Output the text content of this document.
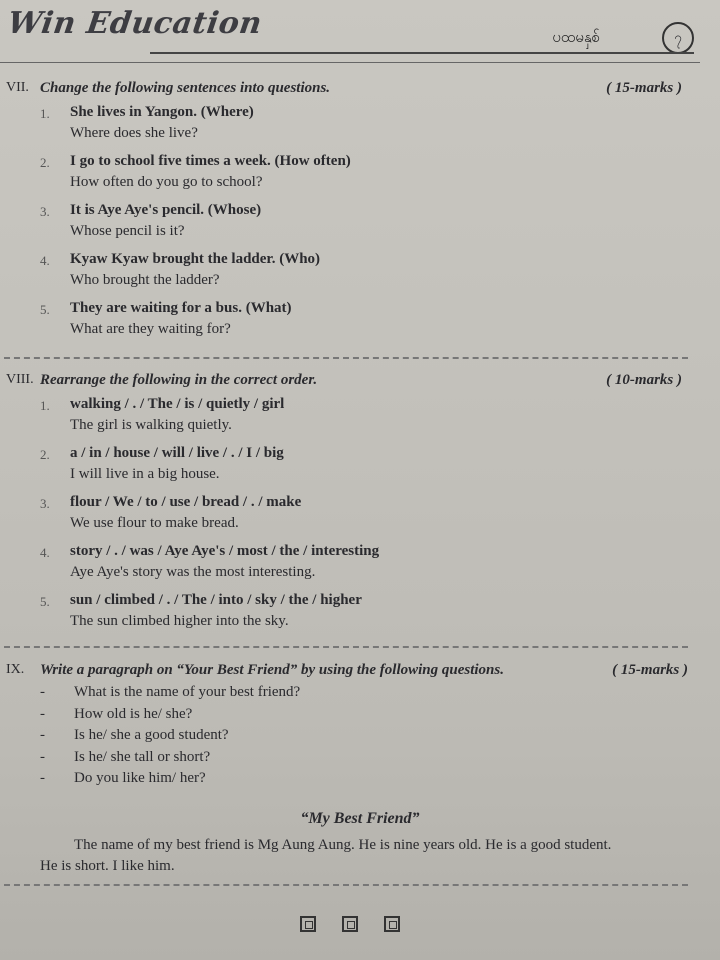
Win Education	ပထမနှစ်	၇
VII. Change the following sentences into questions.	( 15-marks )
1. She lives in Yangon. (Where)
Where does she live?
2. I go to school five times a week. (How often)
How often do you go to school?
3. It is Aye Aye's pencil. (Whose)
Whose pencil is it?
4. Kyaw Kyaw brought the ladder. (Who)
Who brought the ladder?
5. They are waiting for a bus. (What)
What are they waiting for?
VIII. Rearrange the following in the correct order.	( 10-marks )
1. walking / . / The / is / quietly / girl
The girl is walking quietly.
2. a / in / house / will / live / . / I / big
I will live in a big house.
3. flour / We / to / use / bread / . / make
We use flour to make bread.
4. story / . / was / Aye Aye's / most / the / interesting
Aye Aye's story was the most interesting.
5. sun / climbed / . / The / into / sky / the / higher
The sun climbed higher into the sky.
IX. Write a paragraph on “Your Best Friend” by using the following questions.	( 15-marks )
- What is the name of your best friend?
- How old is he/ she?
- Is he/ she a good student?
- Is he/ she tall or short?
- Do you like him/ her?
“My Best Friend”
The name of my best friend is Mg Aung Aung. He is nine years old. He is a good student.
He is short. I like him.
